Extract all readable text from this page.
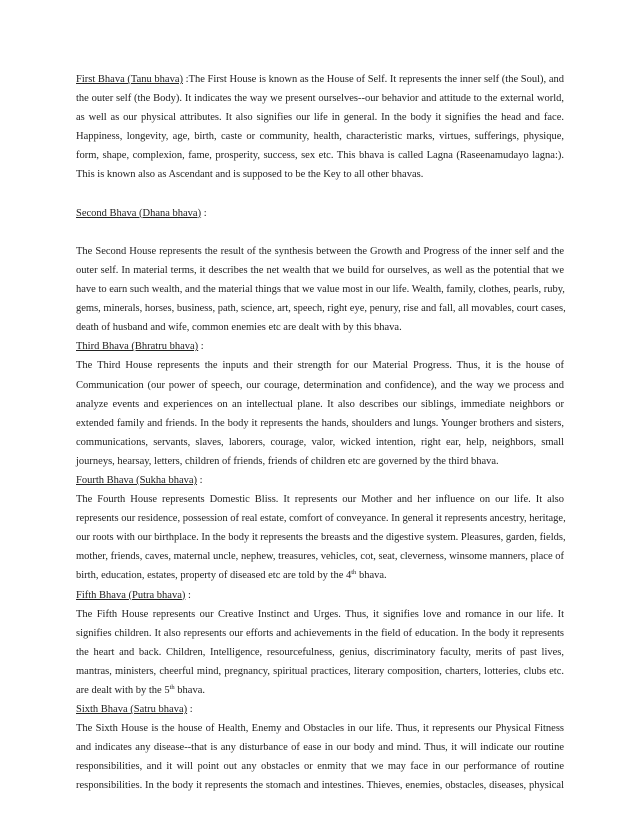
First Bhava (Tanu bhava) :The First House is known as the House of Self. It represents the inner self (the Soul), and
the outer self (the Body). It indicates the way we present ourselves--our behavior and attitude to the external world,
as well as our physical attributes. It also signifies our life in general. In the body it signifies the head and face.
Happiness, longevity, age, birth, caste or community, health, characteristic marks, virtues, sufferings, physique,
form, shape, complexion, fame, prosperity, success, sex etc. This bhava is called Lagna (Raseenamudayo lagna:).
This is known also as Ascendant and is supposed to be the Key to all other bhavas.
Second Bhava (Dhana bhava) :
The Second House represents the result of the synthesis between the Growth and Progress of the inner self and the
outer self. In material terms, it describes the net wealth that we build for ourselves, as well as the potential that we
have to earn such wealth, and the material things that we value most in our life. Wealth, family, clothes, pearls, ruby,
gems, minerals, horses, business, path, science, art, speech, right eye, penury, rise and fall, all movables, court cases,
death of husband and wife, common enemies etc are dealt with by this bhava.
Third Bhava (Bhratru bhava) :
The Third House represents the inputs and their strength for our Material Progress. Thus, it is the house of
Communication (our power of speech, our courage, determination and confidence), and the way we process and
analyze events and experiences on an intellectual plane. It also describes our siblings, immediate neighbors or
extended family and friends. In the body it represents the hands, shoulders and lungs. Younger brothers and sisters,
communications, servants, slaves, laborers, courage, valor, wicked intention, right ear, help, neighbors, small
journeys, hearsay, letters, children of friends, friends of children etc are governed by the third bhava.
Fourth Bhava (Sukha bhava) :
The Fourth House represents Domestic Bliss. It represents our Mother and her influence on our life. It also
represents our residence, possession of real estate, comfort of conveyance. In general it represents ancestry, heritage,
our roots with our birthplace. In the body it represents the breasts and the digestive system. Pleasures, garden, fields,
mother, friends, caves, maternal uncle, nephew, treasures, vehicles, cot, seat, cleverness, winsome manners, place of
birth, education, estates, property of diseased etc are told by the 4th bhava.
Fifth Bhava (Putra bhava) :
The Fifth House represents our Creative Instinct and Urges. Thus, it signifies love and romance in our life. It
signifies children. It also represents our efforts and achievements in the field of education. In the body it represents
the heart and back. Children, Intelligence, resourcefulness, genius, discriminatory faculty, merits of past lives,
mantras, ministers, cheerful mind, pregnancy, spiritual practices, literary composition, charters, lotteries, clubs etc.
are dealt with by the 5th bhava.
Sixth Bhava (Satru bhava) :
The Sixth House is the house of Health, Enemy and Obstacles in our life. Thus, it represents our Physical Fitness
and indicates any disease--that is any disturbance of ease in our body and mind. Thus, it will indicate our routine
responsibilities, and it will point out any obstacles or enmity that we may face in our performance of routine
responsibilities. In the body it represents the stomach and intestines. Thieves, enemies, obstacles, diseases, physical
